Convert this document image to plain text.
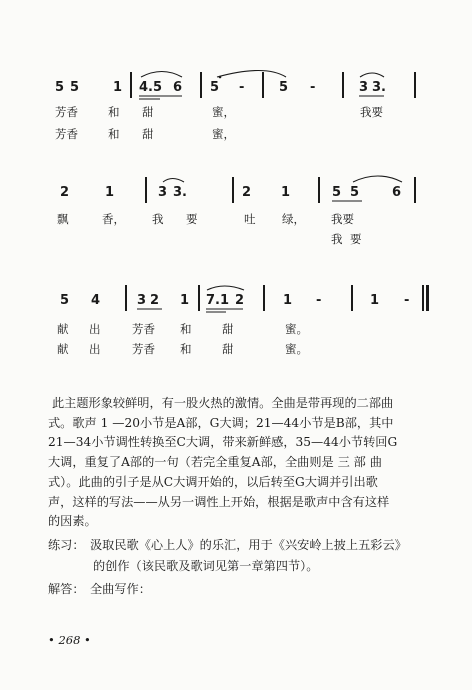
5 5	1 4.5 6 5 -	5 -	3 3.
芳香	和 甜	蜜，	我要
芳香	和 甜	蜜，
2	1	3 3.	2 1	5 5	6
飘	香， 我 要	吐 绿， 我要
我 要
5 4	3 2 1 7.1 2	1 -	1 -
献 出	芳香 和	甜	蜜。
献 出	芳香 和	甜	蜜。
此主题形象较鲜明，有一股火热的激情。全曲是带再现的二部曲
式。歌声 1 —20小节是A部，G大调；21—44小节是B部，其中
21—34小节调性转换至C大调，带来新鲜感，35—44小节转回G
大调，重复了A部的一句（若完全重复A部，全曲则是 三 部 曲
式）。此曲的引子是从C大调开始的，以后转至G大调并引出歌
声，这样的写法——从另一调性上开始，根据是歌声中含有这样
的因素。
练习： 汲取民歌《心上人》的乐汇，用于《兴安岭上披上五彩云》
的创作（该民歌及歌词见第一章第四节）。
解答： 全曲写作：
• 268 •
